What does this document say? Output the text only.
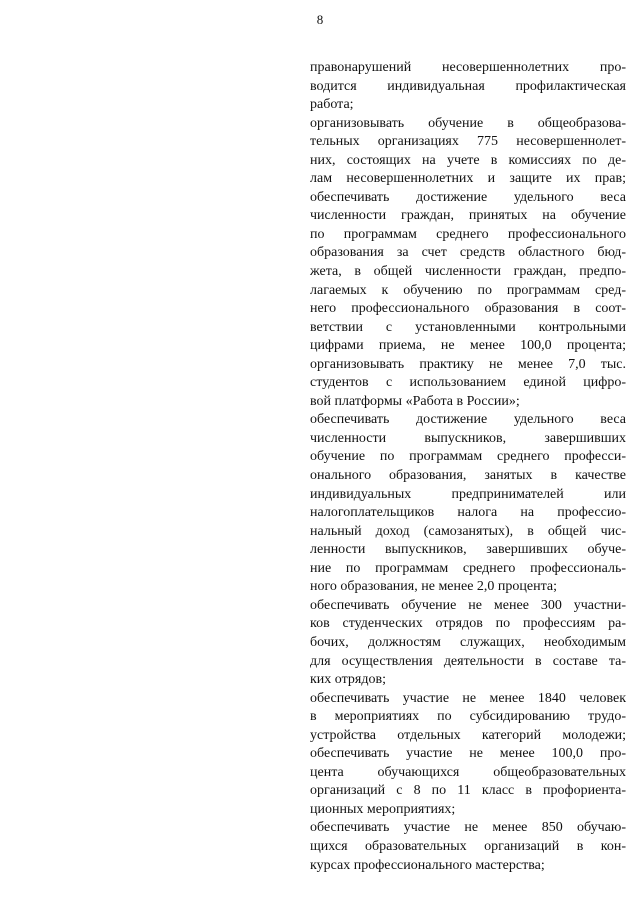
8
правонарушений несовершеннолетних про-
водится индивидуальная профилактическая
работа;
организовывать обучение в общеобразова-
тельных организациях 775 несовершеннолет-
них, состоящих на учете в комиссиях по де-
лам несовершеннолетних и защите их прав;
обеспечивать достижение удельного веса
численности граждан, принятых на обучение
по программам среднего профессионального
образования за счет средств областного бюд-
жета, в общей численности граждан, предпо-
лагаемых к обучению по программам сред-
него профессионального образования в соот-
ветствии с установленными контрольными
цифрами приема, не менее 100,0 процента;
организовывать практику не менее 7,0 тыс.
студентов с использованием единой цифро-
вой платформы «Работа в России»;
обеспечивать достижение удельного веса
численности выпускников, завершивших
обучение по программам среднего професси-
онального образования, занятых в качестве
индивидуальных предпринимателей или
налогоплательщиков налога на профессио-
нальный доход (самозанятых), в общей чис-
ленности выпускников, завершивших обуче-
ние по программам среднего профессиональ-
ного образования, не менее 2,0 процента;
обеспечивать обучение не менее 300 участни-
ков студенческих отрядов по профессиям ра-
бочих, должностям служащих, необходимым
для осуществления деятельности в составе та-
ких отрядов;
обеспечивать участие не менее 1840 человек
в мероприятиях по субсидированию трудо-
устройства отдельных категорий молодежи;
обеспечивать участие не менее 100,0 про-
цента обучающихся общеобразовательных
организаций с 8 по 11 класс в профориента-
ционных мероприятиях;
обеспечивать участие не менее 850 обучаю-
щихся образовательных организаций в кон-
курсах профессионального мастерства;
